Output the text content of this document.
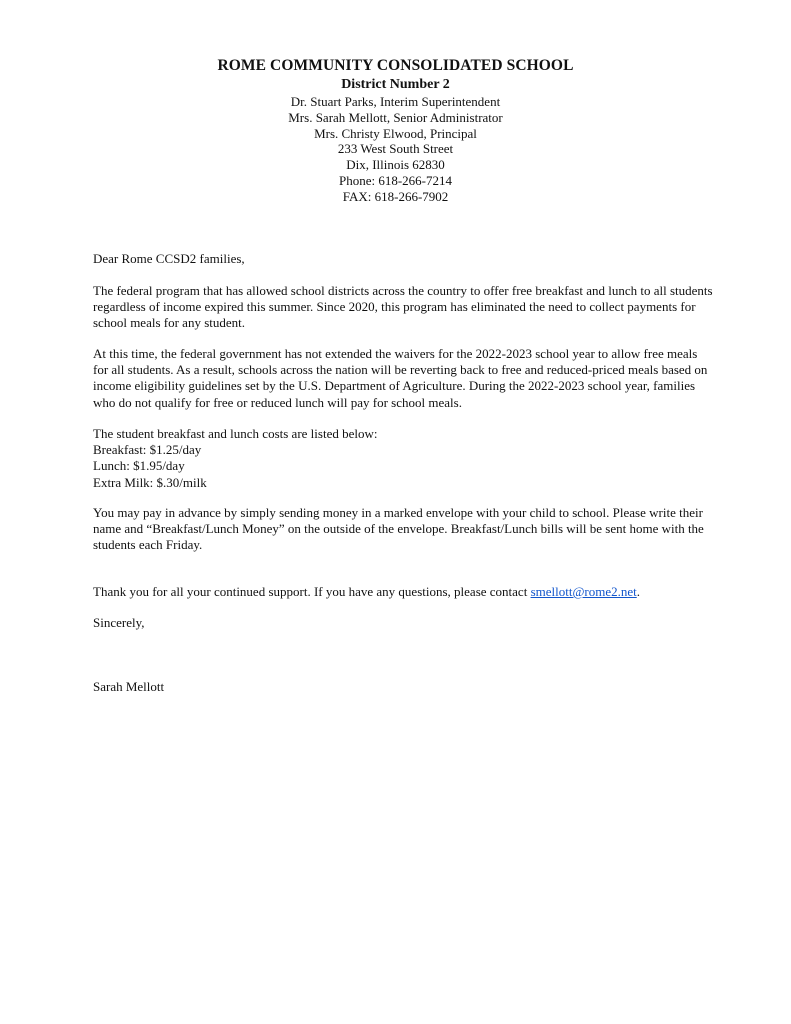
ROME COMMUNITY CONSOLIDATED SCHOOL
District Number 2
Dr. Stuart Parks, Interim Superintendent
Mrs. Sarah Mellott, Senior Administrator
Mrs. Christy Elwood, Principal
233 West South Street
Dix, Illinois 62830
Phone: 618-266-7214
FAX: 618-266-7902

Dear Rome CCSD2 families,

The federal program that has allowed school districts across the country to offer free breakfast and lunch to all students regardless of income expired this summer. Since 2020, this program has eliminated the need to collect payments for school meals for any student.

At this time, the federal government has not extended the waivers for the 2022-2023 school year to allow free meals for all students. As a result, schools across the nation will be reverting back to free and reduced-priced meals based on income eligibility guidelines set by the U.S. Department of Agriculture. During the 2022-2023 school year, families who do not qualify for free or reduced lunch will pay for school meals.

The student breakfast and lunch costs are listed below:

Breakfast: $1.25/day

Lunch: $1.95/day

Extra Milk: $.30/milk

You may pay in advance by simply sending money in a marked envelope with your child to school. Please write their name and “Breakfast/Lunch Money” on the outside of the envelope. Breakfast/Lunch bills will be sent home with the students each Friday.

Thank you for all your continued support. If you have any questions, please contact smellott@rome2.net.

Sincerely,

Sarah Mellott
